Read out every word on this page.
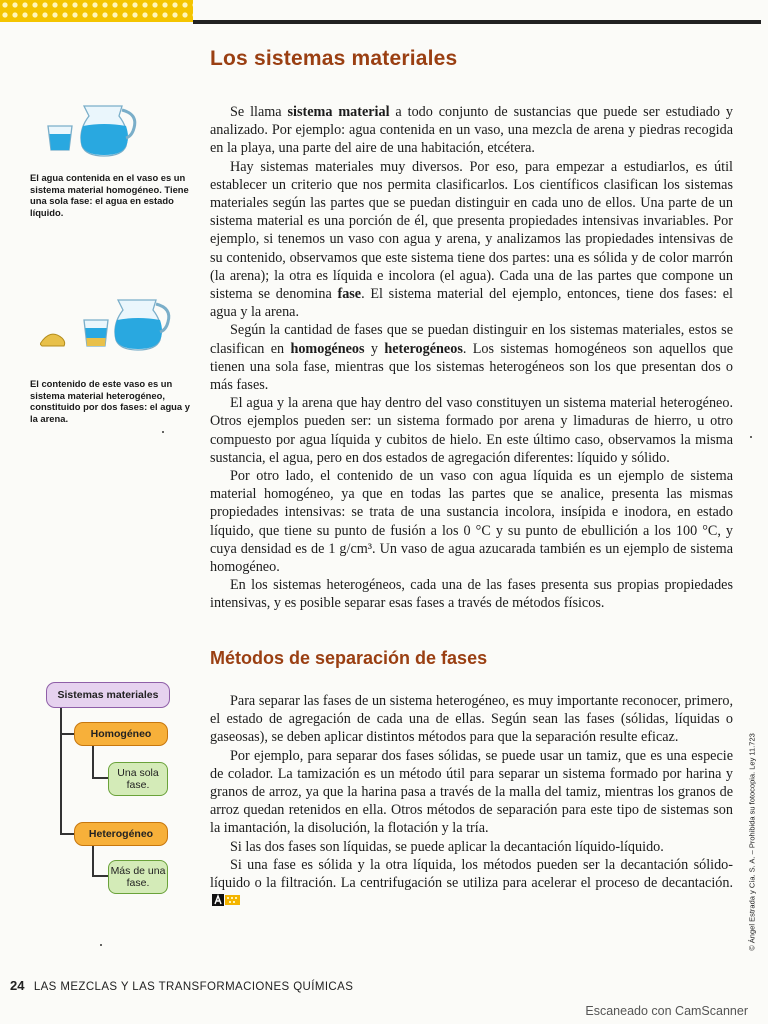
Los sistemas materiales

El agua contenida en el vaso es un sistema material homogéneo. Tiene una sola fase: el agua en estado líquido.

El contenido de este vaso es un sistema material heterogéneo, constituido por dos fases: el agua y la arena.

Se llama sistema material a todo conjunto de sustancias que puede ser estudiado y analizado. Por ejemplo: agua contenida en un vaso, una mezcla de arena y piedras recogida en la playa, una parte del aire de una habitación, etcétera.

Hay sistemas materiales muy diversos. Por eso, para empezar a estudiarlos, es útil establecer un criterio que nos permita clasificarlos. Los científicos clasifican los sistemas materiales según las partes que se puedan distinguir en cada uno de ellos. Una parte de un sistema material es una porción de él, que presenta propiedades intensivas invariables. Por ejemplo, si tenemos un vaso con agua y arena, y analizamos las propiedades intensivas de su contenido, observamos que este sistema tiene dos partes: una es sólida y de color marrón (la arena); la otra es líquida e incolora (el agua). Cada una de las partes que compone un sistema se denomina fase. El sistema material del ejemplo, entonces, tiene dos fases: el agua y la arena.

Según la cantidad de fases que se puedan distinguir en los sistemas materiales, estos se clasifican en homogéneos y heterogéneos. Los sistemas homogéneos son aquellos que tienen una sola fase, mientras que los sistemas heterogéneos son los que presentan dos o más fases.

El agua y la arena que hay dentro del vaso constituyen un sistema material heterogéneo. Otros ejemplos pueden ser: un sistema formado por arena y limaduras de hierro, u otro compuesto por agua líquida y cubitos de hielo. En este último caso, observamos la misma sustancia, el agua, pero en dos estados de agregación diferentes: líquido y sólido.

Por otro lado, el contenido de un vaso con agua líquida es un ejemplo de sistema material homogéneo, ya que en todas las partes que se analice, presenta las mismas propiedades intensivas: se trata de una sustancia incolora, insípida e inodora, en estado líquido, que tiene su punto de fusión a los 0 °C y su punto de ebullición a los 100 °C, y cuya densidad es de 1 g/cm³. Un vaso de agua azucarada también es un ejemplo de sistema homogéneo.

En los sistemas heterogéneos, cada una de las fases presenta sus propias propiedades intensivas, y es posible separar esas fases a través de métodos físicos.

Métodos de separación de fases

Para separar las fases de un sistema heterogéneo, es muy importante reconocer, primero, el estado de agregación de cada una de ellas. Según sean las fases (sólidas, líquidas o gaseosas), se deben aplicar distintos métodos para que la separación resulte eficaz.

Por ejemplo, para separar dos fases sólidas, se puede usar un tamiz, que es una especie de colador. La tamización es un método útil para separar un sistema formado por harina y granos de arroz, ya que la harina pasa a través de la malla del tamiz, mientras los granos de arroz quedan retenidos en ella. Otros métodos de separación para este tipo de sistemas son la imantación, la disolución, la flotación y la tría.

Si las dos fases son líquidas, se puede aplicar la decantación líquido-líquido.

Si una fase es sólida y la otra líquida, los métodos pueden ser la decantación sólido-líquido o la filtración. La centrifugación se utiliza para acelerar el proceso de decantación.

Sistemas materiales
Homogéneo
Una sola fase.
Heterogéneo
Más de una fase.
24 LAS MEZCLAS Y LAS TRANSFORMACIONES QUÍMICAS
© Ángel Estrada y Cía. S. A. – Prohibida su fotocopia. Ley 11.723
Escaneado con CamScanner
